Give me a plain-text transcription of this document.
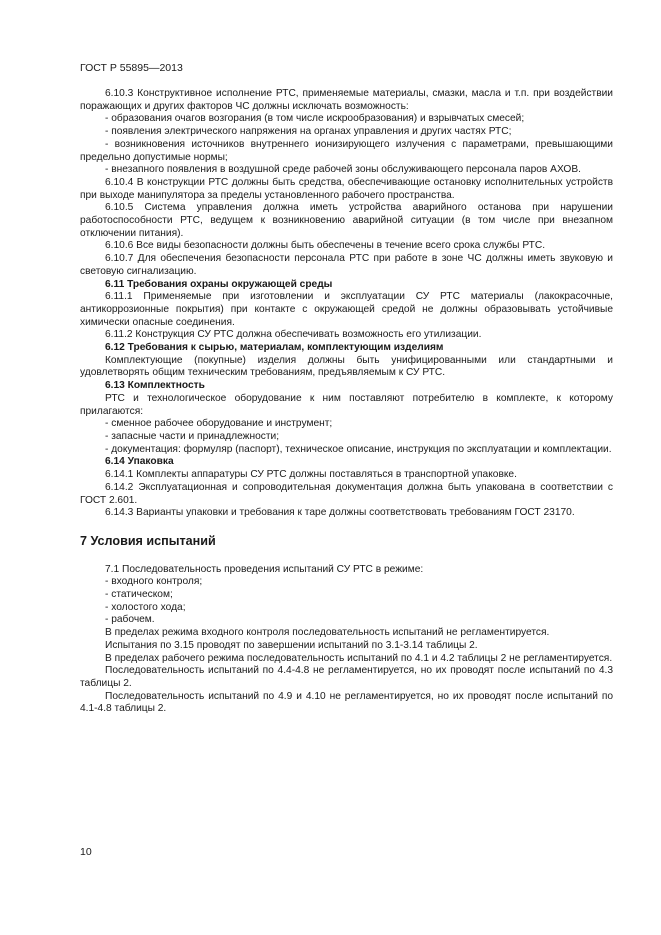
ГОСТ Р 55895—2013
6.10.3 Конструктивное исполнение РТС, применяемые материалы, смазки, масла и т.п. при воздействии поражающих и других факторов ЧС должны исключать возможность:
- образования очагов возгорания (в том числе искрообразования) и взрывчатых смесей;
- появления электрического напряжения на органах управления и других частях РТС;
- возникновения источников внутреннего ионизирующего излучения с параметрами, превышающими предельно допустимые нормы;
- внезапного появления в воздушной среде рабочей зоны обслуживающего персонала паров АХОВ.
6.10.4 В конструкции РТС должны быть средства, обеспечивающие остановку исполнительных устройств при выходе манипулятора за пределы установленного рабочего пространства.
6.10.5 Система управления должна иметь устройства аварийного останова при нарушении работоспособности РТС, ведущем к возникновению аварийной ситуации (в том числе при внезапном отключении питания).
6.10.6 Все виды безопасности должны быть обеспечены в течение всего срока службы РТС.
6.10.7 Для обеспечения безопасности персонала РТС при работе в зоне ЧС должны иметь звуковую и световую сигнализацию.
6.11 Требования охраны окружающей среды
6.11.1 Применяемые при изготовлении и эксплуатации СУ РТС материалы (лакокрасочные, антикоррозионные покрытия) при контакте с окружающей средой не должны образовывать устойчивые химически опасные соединения.
6.11.2 Конструкция СУ РТС должна обеспечивать возможность его утилизации.
6.12 Требования к сырью, материалам, комплектующим изделиям
Комплектующие (покупные) изделия должны быть унифицированными или стандартными и удовлетворять общим техническим требованиям, предъявляемым к СУ РТС.
6.13 Комплектность
РТС и технологическое оборудование к ним поставляют потребителю в комплекте, к которому прилагаются:
- сменное рабочее оборудование и инструмент;
- запасные части и принадлежности;
- документация: формуляр (паспорт), техническое описание, инструкция по эксплуатации и комплектации.
6.14 Упаковка
6.14.1 Комплекты аппаратуры СУ РТС должны поставляться в транспортной упаковке.
6.14.2 Эксплуатационная и сопроводительная документация должна быть упакована в соответствии с ГОСТ 2.601.
6.14.3 Варианты упаковки и требования к таре должны соответствовать требованиям ГОСТ 23170.
7 Условия испытаний
7.1 Последовательность проведения испытаний СУ РТС в режиме:
- входного контроля;
- статическом;
- холостого хода;
- рабочем.
В пределах режима входного контроля последовательность испытаний не регламентируется.
Испытания по 3.15 проводят по завершении испытаний по 3.1-3.14 таблицы 2.
В пределах рабочего режима последовательность испытаний по 4.1 и 4.2 таблицы 2 не регламентируется.
Последовательность испытаний по 4.4-4.8 не регламентируется, но их проводят после испытаний по 4.3 таблицы 2.
Последовательность испытаний по 4.9 и 4.10 не регламентируется, но их проводят после испытаний по 4.1-4.8 таблицы 2.
10
